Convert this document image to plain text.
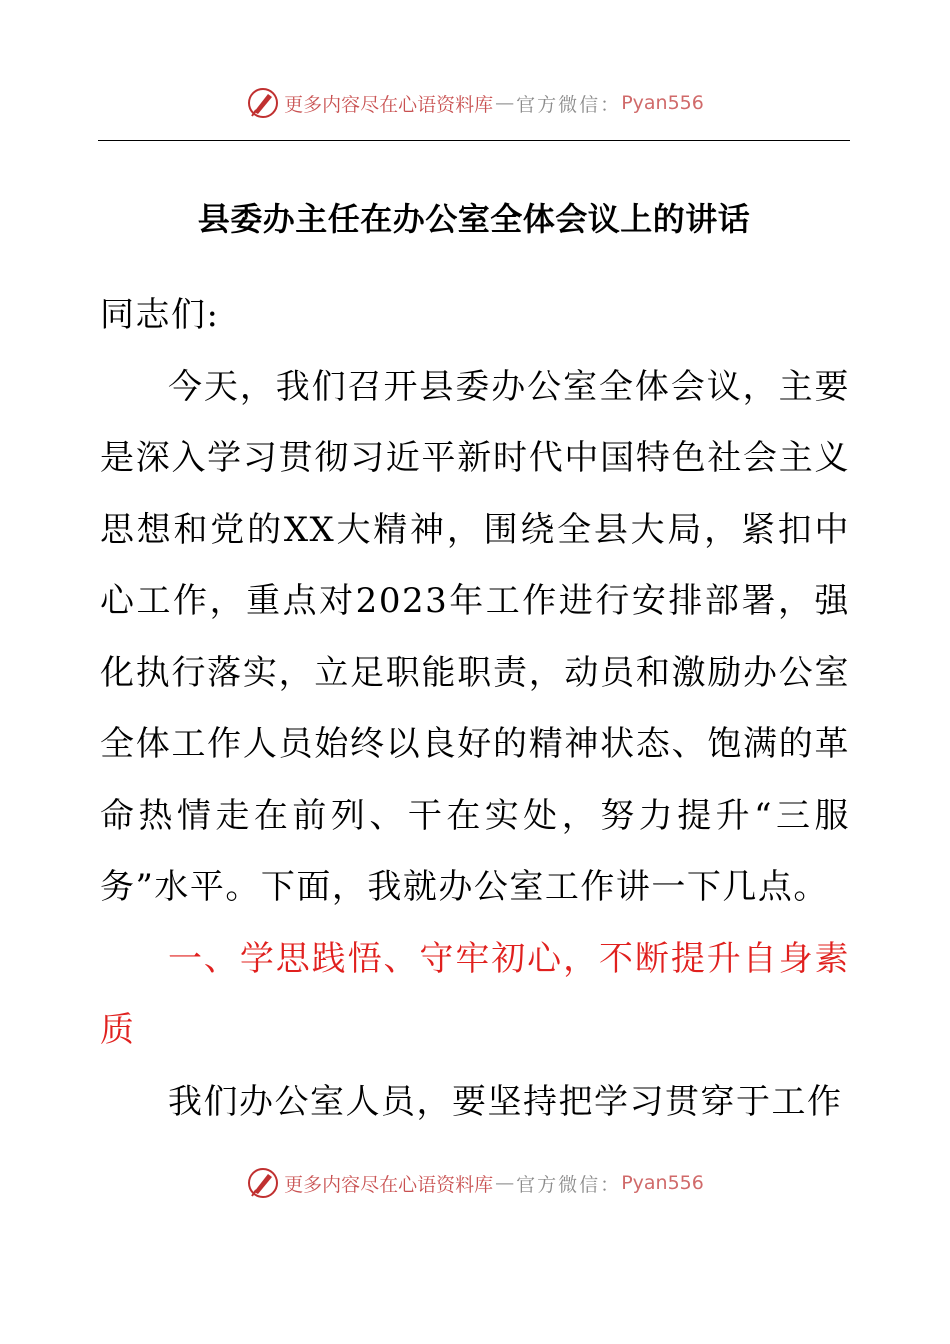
更多内容尽在心语资料库 — 官方微信： Pyan556
县委办主任在办公室全体会议上的讲话

同志们:

今天，我们召开县委办公室全体会议，主要是深入学习贯彻习近平新时代中国特色社会主义思想和党的XX大精神，围绕全县大局，紧扣中心工作，重点对2023年工作进行安排部署，强化执行落实，立足职能职责，动员和激励办公室全体工作人员始终以良好的精神状态、饱满的革命热情走在前列、干在实处，努力提升“三服务”水平。下面，我就办公室工作讲一下几点。

一、学思践悟、守牢初心，不断提升自身素质

我们办公室人员，要坚持把学习贯穿于工作

更多内容尽在心语资料库 — 官方微信： Pyan556
